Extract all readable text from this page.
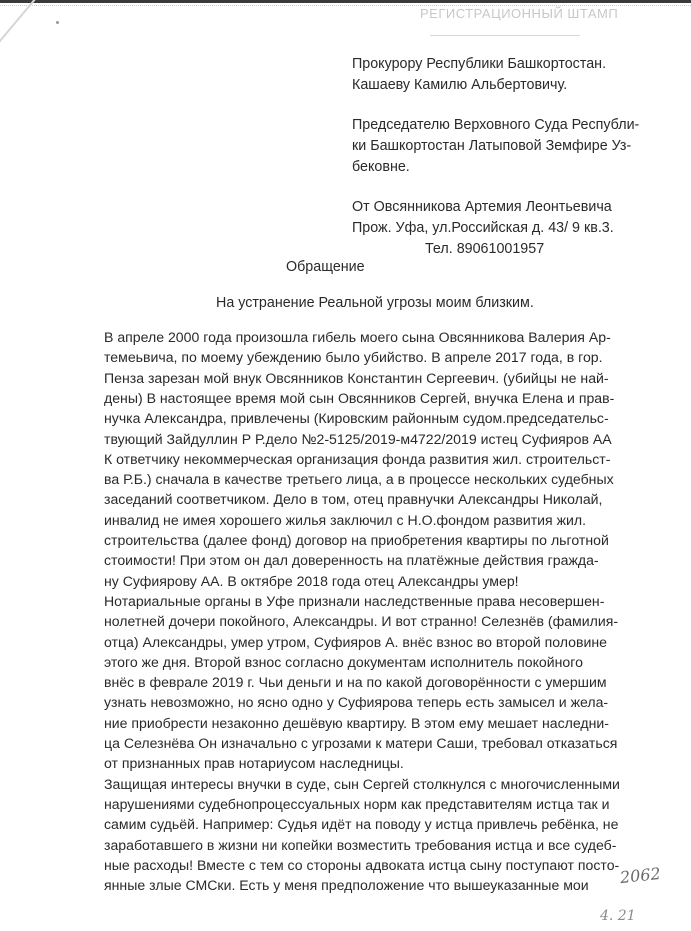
РЕГИСТРАЦИОННЫЙ ШТАМП
Прокурору Республики Башкортостан.
Кашаеву Камилю Альбертовичу.
Председателю Верховного Суда Республи-
ки Башкортостан Латыповой Земфире Уз-
бековне.
От Овсянникова Артемия Леонтьевича
Прож. Уфа, ул.Российская д. 43/ 9 кв.3.
Тел. 89061001957
Обращение
На устранение Реальной угрозы моим близким.
В апреле 2000 года произошла гибель моего сына Овсянникова Валерия Ар-
темеьвича, по моему убеждению было убийство. В апреле 2017 года, в гор.
Пенза зарезан мой внук Овсянников Константин Сергеевич. (убийцы не най-
дены) В настоящее время мой сын Овсянников Сергей, внучка Елена и прав-
нучка Александра, привлечены (Кировским районным судом.председательс-
твующий Зайдуллин Р Р.дело №2-5125/2019-м4722/2019 истец Суфияров АА
К ответчику некоммерческая организация фонда развития жил. строительст-
ва Р.Б.) сначала в качестве третьего лица, а в процессе нескольких судебных
заседаний соответчиком. Дело в том, отец правнучки Александры Николай,
инвалид не имея хорошего жилья заключил с Н.О.фондом развития жил.
строительства (далее фонд) договор на приобретения квартиры по льготной
стоимости! При этом он дал доверенность на платёжные действия гражда-
ну Суфиярову АА. В октябре 2018 года отец Александры умер!
Нотариальные органы в Уфе признали наследственные права несовершен-
нолетней дочери покойного, Александры. И вот странно! Селезнёв (фамилия-
отца) Александры, умер утром, Суфияров А. внёс взнос во второй половине
этого же дня. Второй взнос согласно документам исполнитель покойного
внёс в феврале 2019 г. Чьи деньги и на по какой договорённости с умершим
узнать невозможно, но ясно одно у Суфиярова теперь есть замысел и жела-
ние приобрести незаконно дешёвую квартиру. В этом ему мешает наследни-
ца Селезнёва Он изначально с угрозами к матери Саши, требовал отказаться
от признанных прав нотариусом наследницы.
Защищая интересы внучки в суде, сын Сергей столкнулся с многочисленными
нарушениями судебнопроцессуальных норм как представителям истца так и
самим судьёй. Например: Судья идёт на поводу у истца привлечь ребёнка, не
заработавшего в жизни ни копейки возместить требования истца и все судеб-
ные расходы! Вместе с тем со стороны адвоката истца сыну поступают посто-
янные злые СМСки. Есть у меня предположение что вышеуказанные мои 2062
4. 21
